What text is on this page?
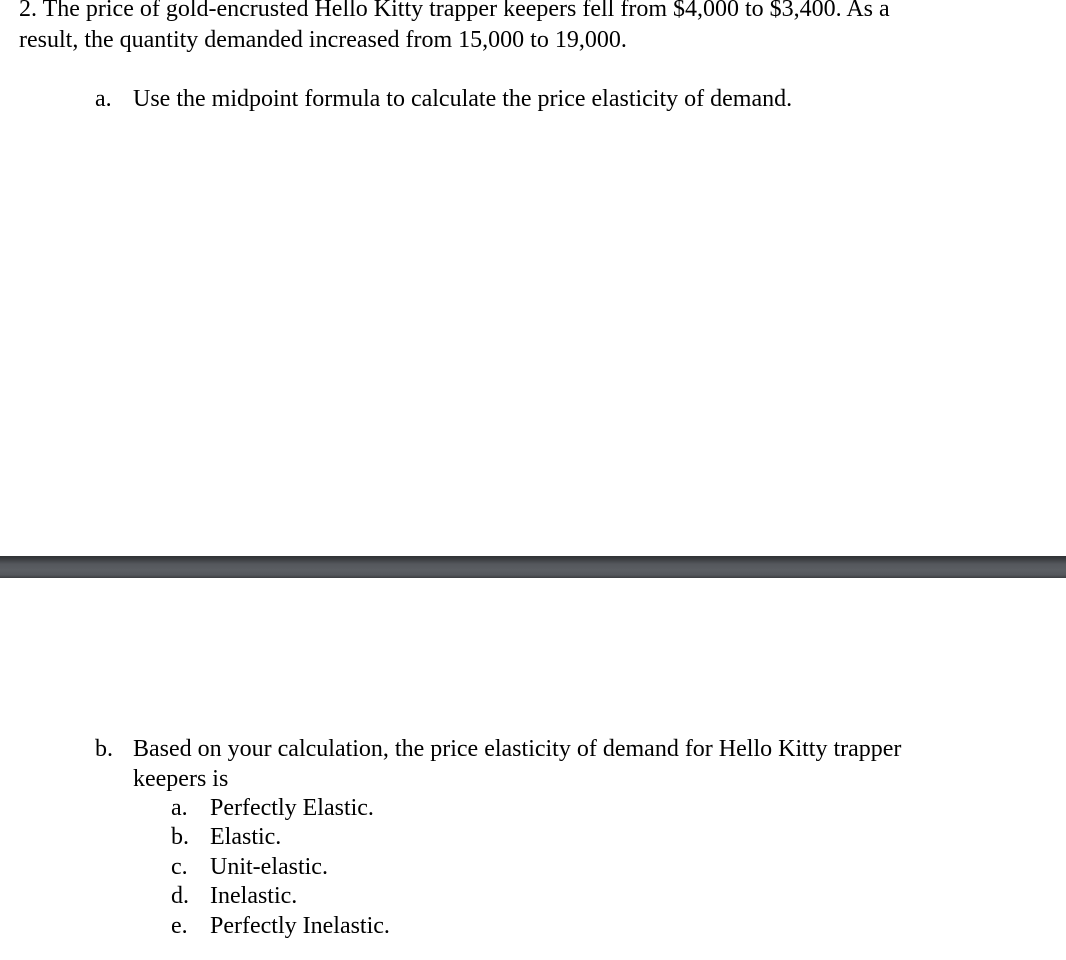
2. The price of gold-encrusted Hello Kitty trapper keepers fell from $4,000 to $3,400. As a
result, the quantity demanded increased from 15,000 to 19,000.
a. Use the midpoint formula to calculate the price elasticity of demand.
b. Based on your calculation, the price elasticity of demand for Hello Kitty trapper
keepers is
a. Perfectly Elastic.
b. Elastic.
c. Unit-elastic.
d. Inelastic.
e. Perfectly Inelastic.
